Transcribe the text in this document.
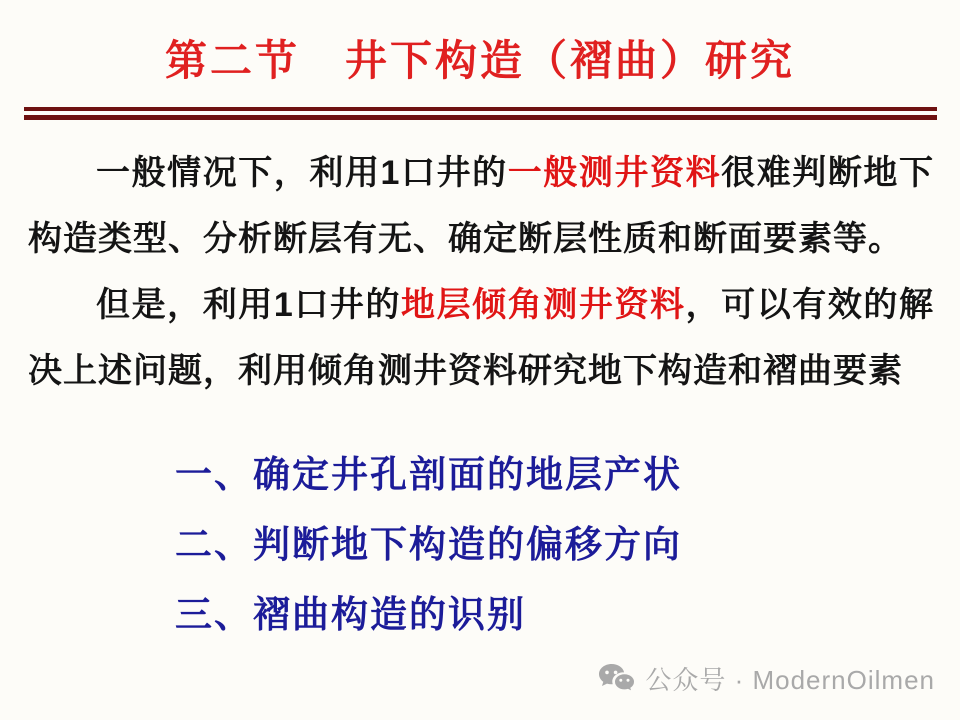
第二节　井下构造（褶曲）研究

一般情况下，利用1口井的一般测井资料很难判断地下构造类型、分析断层有无、确定断层性质和断面要素等。

但是，利用1口井的地层倾角测井资料，可以有效的解决上述问题，利用倾角测井资料研究地下构造和褶曲要素

一、确定井孔剖面的地层产状
二、判断地下构造的偏移方向
三、褶曲构造的识别
公众号 · ModernOilmen
